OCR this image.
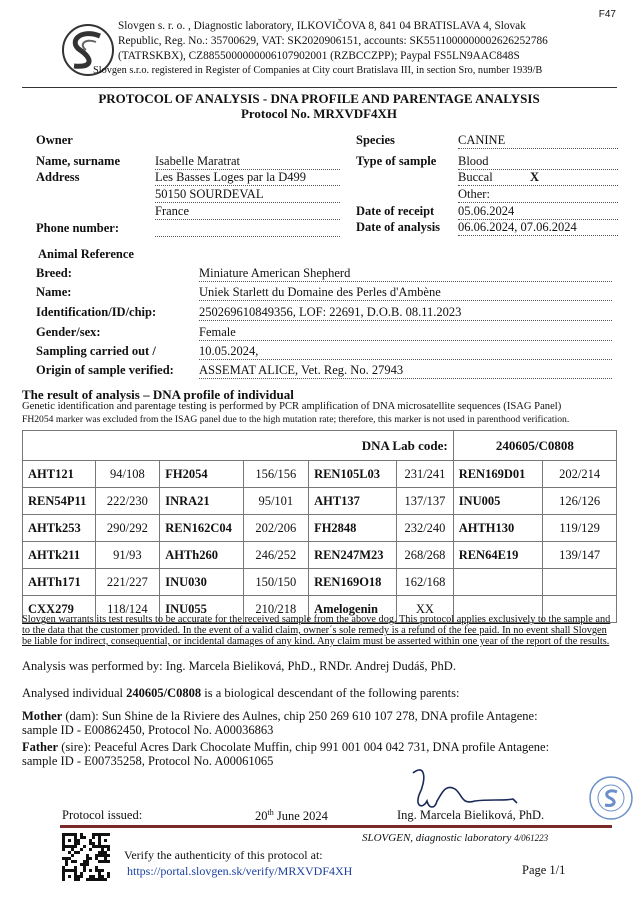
F47
Slovgen s. r. o. , Diagnostic laboratory, ILKOVIČOVA 8, 841 04 BRATISLAVA 4, Slovak
Republic, Reg. No.: 35700629, VAT: SK2020906151, accounts: SK5511000000002626252786
(TATRSKBX), CZ8855000000006107902001 (RZBCCZPP); Paypal FS5LN9AAC848S
Slovgen s.r.o. registered in Register of Companies at City court Bratislava III, in section Sro, number 1939/B
PROTOCOL OF ANALYSIS - DNA PROFILE AND PARENTAGE ANALYSIS
Protocol No. MRXVDF4XH
Owner
Name, surname	Isabelle Maratrat
Address	Les Basses Loges par la D499
50150 SOURDEVAL
France
Phone number:
Species	CANINE
Type of sample Blood
Buccal	X
Other:
Date of receipt 05.06.2024
Date of analysis 06.06.2024, 07.06.2024
Animal Reference
Breed:	Miniature American Shepherd
Name:	Uniek Starlett du Domaine des Perles d'Ambène
Identification/ID/chip:	250269610849356, LOF: 22691, D.O.B. 08.11.2023
Gender/sex:	Female
Sampling carried out /	10.05.2024,
Origin of sample verified: ASSEMAT ALICE, Vet. Reg. No. 27943
The result of analysis – DNA profile of individual
Genetic identification and parentage testing is performed by PCR amplification of DNA microsatellite sequences (ISAG Panel)
FH2054 marker was excluded from the ISAG panel due to the high mutation rate; therefore, this marker is not used in parenthood verification.
DNA Lab code:						240605/C0808	
AHT121	94/108	FH2054	156/156	REN105L03	231/241	REN169D01	202/214
REN54P11	222/230	INRA21	95/101	AHT137	137/137	INU005	126/126
AHTk253	290/292	REN162C04	202/206	FH2848	232/240	AHTH130	119/129
AHTk211	91/93	AHTh260	246/252	REN247M23	268/268	REN64E19	139/147
AHTh171	221/227	INU030	150/150	REN169O18	162/168		
CXX279	118/124	INU055	210/218	Amelogenin	XX		
Slovgen warrants its test results to be accurate for the received sample from the above dog. This protocol applies exclusively to the sample and
to the data that the customer provided. In the event of a valid claim, owner´s sole remedy is a refund of the fee paid. In no event shall Slovgen
be liable for indirect, consequential, or incidental damages of any kind. Any claim must be asserted within one year of the report of the results.
Analysis was performed by: Ing. Marcela Bieliková, PhD., RNDr. Andrej Dudáš, PhD.
Analysed individual 240605/C0808 is a biological descendant of the following parents:
Mother (dam): Sun Shine de la Riviere des Aulnes, chip 250 269 610 107 278, DNA profile Antagene:
sample ID - E00862450, Protocol No. A00036863
Father (sire): Peaceful Acres Dark Chocolate Muffin, chip 991 001 004 042 731, DNA profile Antagene:
sample ID - E00735258, Protocol No. A00061065
Protocol issued:	20th June 2024	Ing. Marcela Bieliková, PhD.
SLOVGEN, diagnostic laboratory 4/061223
Verify the authenticity of this protocol at:
https://portal.slovgen.sk/verify/MRXVDF4XH	Page 1/1
